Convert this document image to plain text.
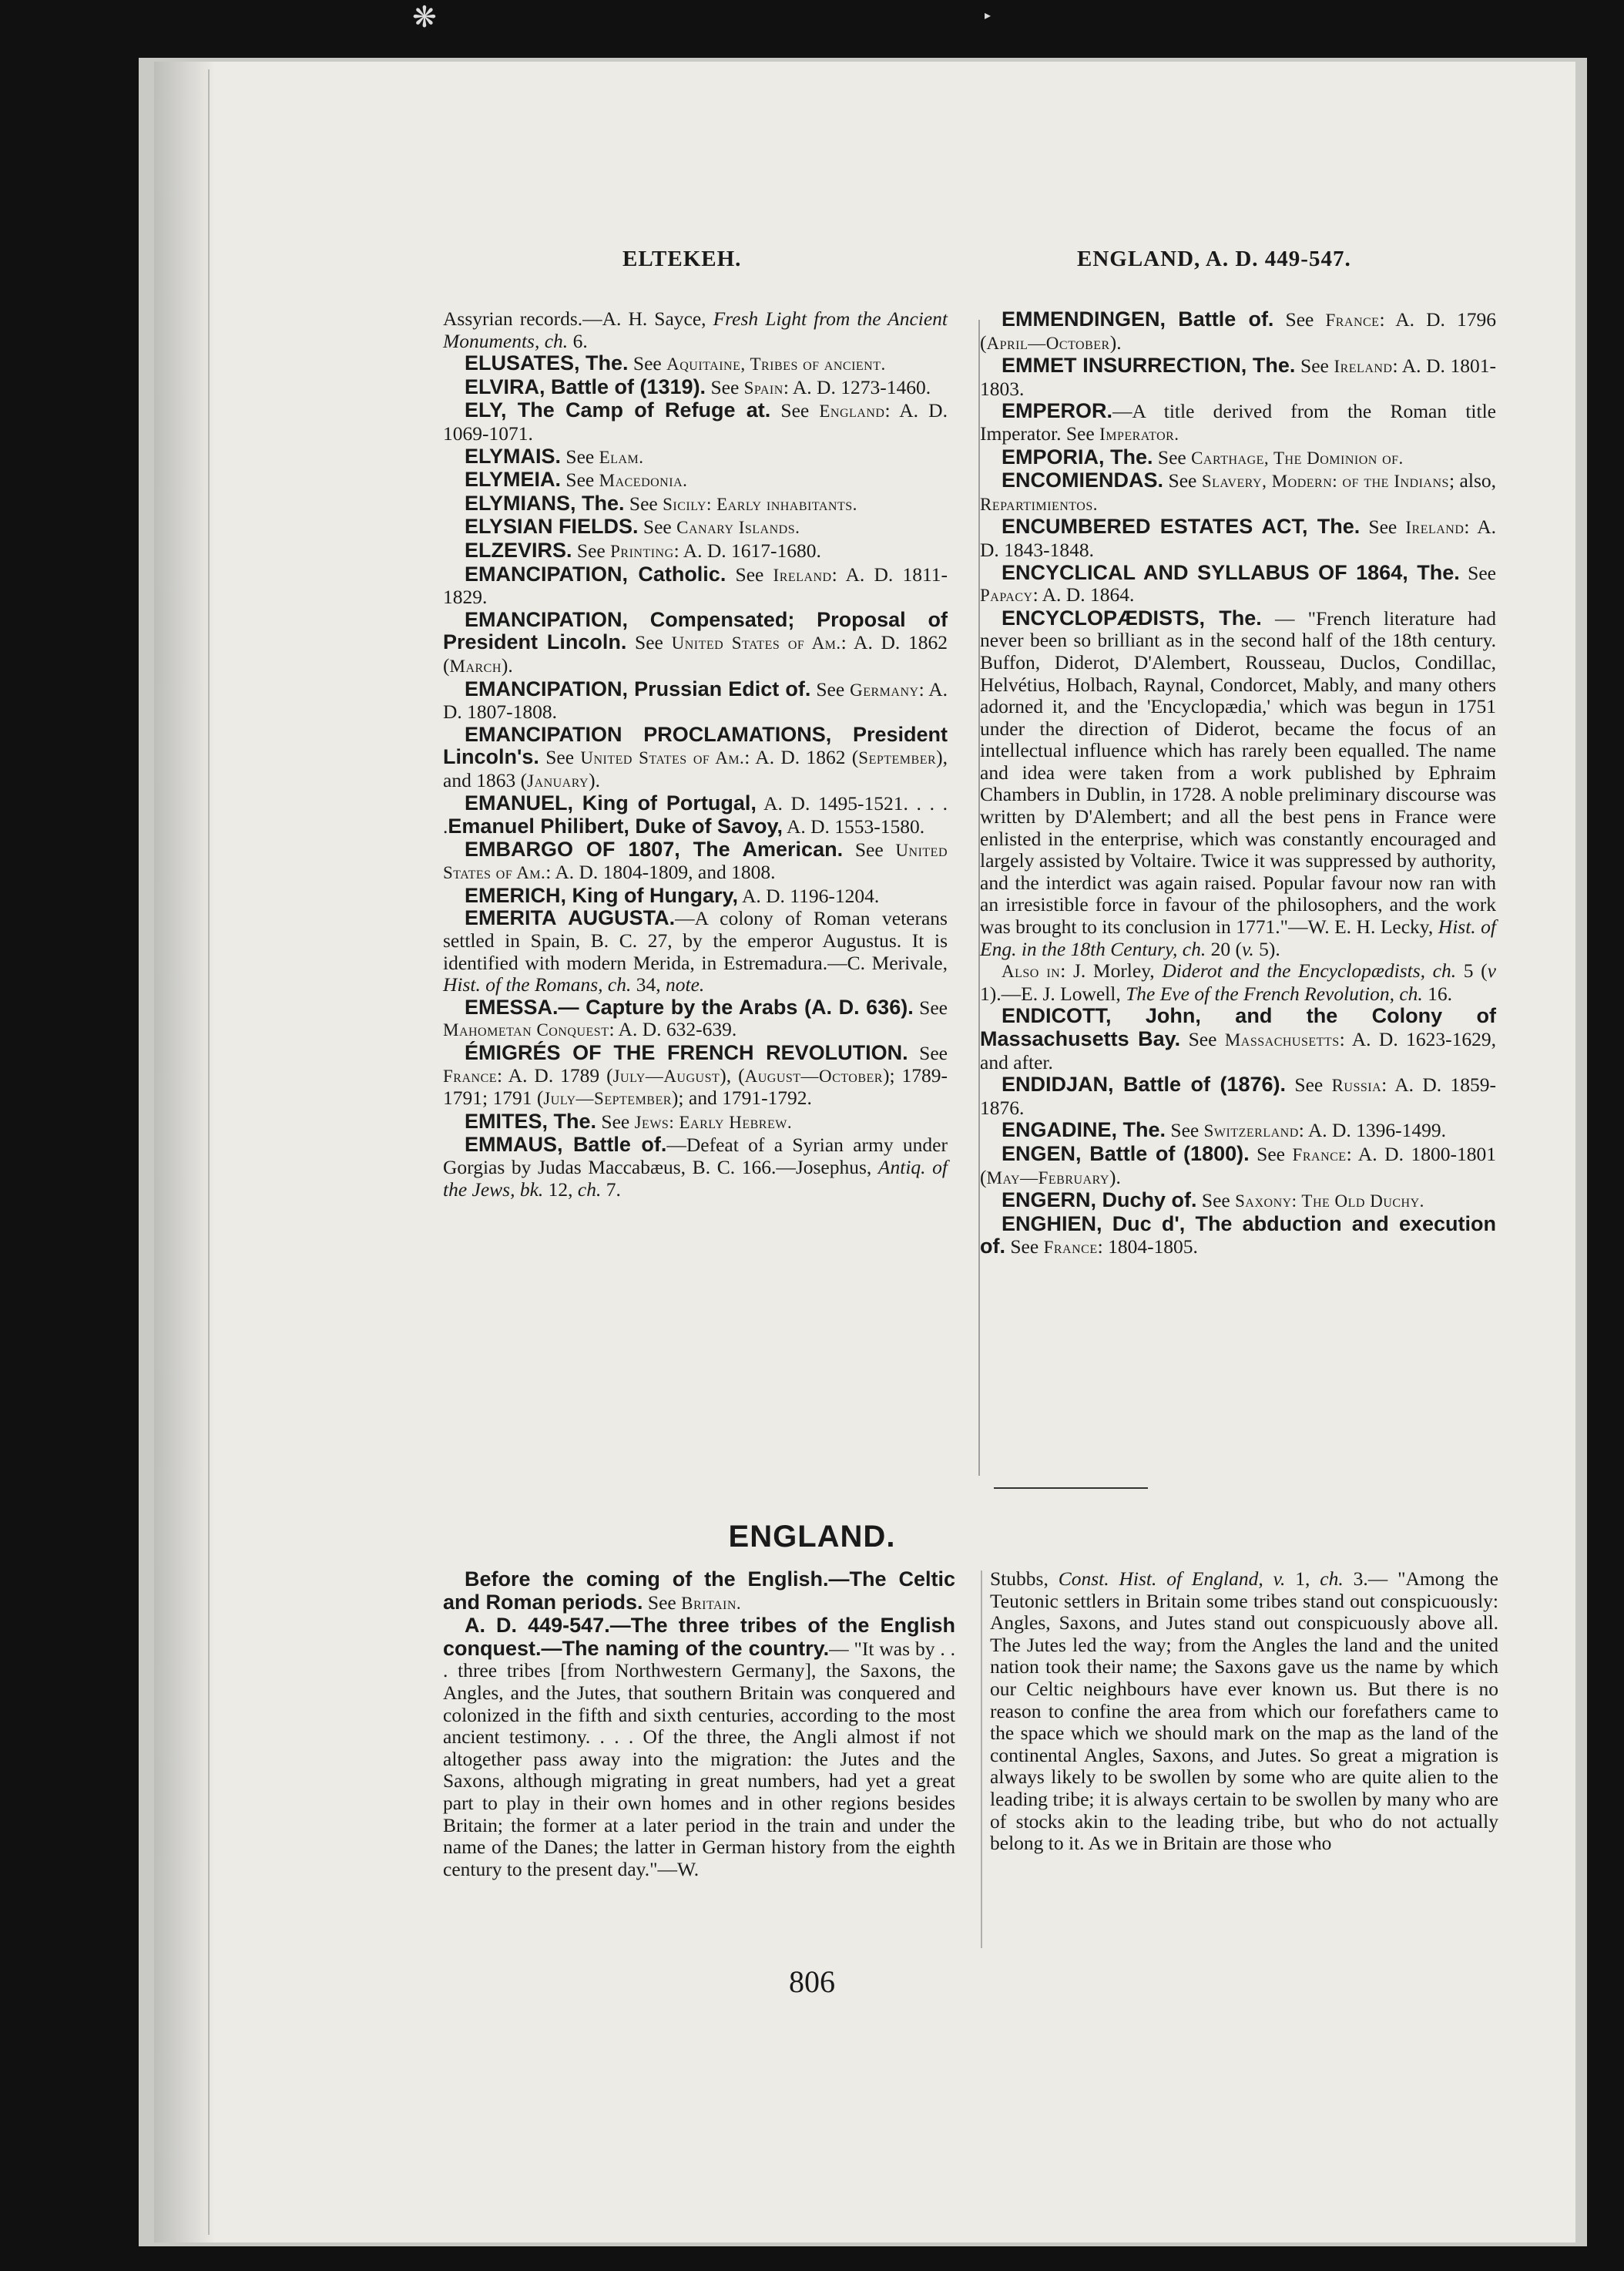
❋	▸
ELTEKEH.	ENGLAND, A. D. 449-547.

Assyrian records.—A. H. Sayce, Fresh Light from the Ancient Monuments, ch. 6.

ELUSATES, The. See Aquitaine, Tribes of ancient.

ELVIRA, Battle of (1319). See Spain: A. D. 1273-1460.

ELY, The Camp of Refuge at. See England: A. D. 1069-1071.

ELYMAIS. See Elam.

ELYMEIA. See Macedonia.

ELYMIANS, The. See Sicily: Early inhabitants.

ELYSIAN FIELDS. See Canary Islands.

ELZEVIRS. See Printing: A. D. 1617-1680.

EMANCIPATION, Catholic. See Ireland: A. D. 1811-1829.

EMANCIPATION, Compensated; Proposal of President Lincoln. See United States of Am.: A. D. 1862 (March).

EMANCIPATION, Prussian Edict of. See Germany: A. D. 1807-1808.

EMANCIPATION PROCLAMATIONS, President Lincoln's. See United States of Am.: A. D. 1862 (September), and 1863 (January).

EMANUEL, King of Portugal, A. D. 1495-1521. . . . .Emanuel Philibert, Duke of Savoy, A. D. 1553-1580.

EMBARGO OF 1807, The American. See United States of Am.: A. D. 1804-1809, and 1808.

EMERICH, King of Hungary, A. D. 1196-1204.

EMERITA AUGUSTA.—A colony of Roman veterans settled in Spain, B. C. 27, by the emperor Augustus. It is identified with modern Merida, in Estremadura.—C. Merivale, Hist. of the Romans, ch. 34, note.

EMESSA.— Capture by the Arabs (A. D. 636). See Mahometan Conquest: A. D. 632-639.

ÉMIGRÉS OF THE FRENCH REVOLUTION. See France: A. D. 1789 (July—August), (August—October); 1789-1791; 1791 (July—September); and 1791-1792.

EMITES, The. See Jews: Early Hebrew.

EMMAUS, Battle of.—Defeat of a Syrian army under Gorgias by Judas Maccabæus, B. C. 166.—Josephus, Antiq. of the Jews, bk. 12, ch. 7.

EMMENDINGEN, Battle of. See France: A. D. 1796 (April—October).

EMMET INSURRECTION, The. See Ireland: A. D. 1801-1803.

EMPEROR.—A title derived from the Roman title Imperator. See Imperator.

EMPORIA, The. See Carthage, The Dominion of.

ENCOMIENDAS. See Slavery, Modern: of the Indians; also, Repartimientos.

ENCUMBERED ESTATES ACT, The. See Ireland: A. D. 1843-1848.

ENCYCLICAL AND SYLLABUS OF 1864, The. See Papacy: A. D. 1864.

ENCYCLOPÆDISTS, The. — "French literature had never been so brilliant as in the second half of the 18th century. Buffon, Diderot, D'Alembert, Rousseau, Duclos, Condillac, Helvétius, Holbach, Raynal, Condorcet, Mably, and many others adorned it, and the 'Encyclopædia,' which was begun in 1751 under the direction of Diderot, became the focus of an intellectual influence which has rarely been equalled. The name and idea were taken from a work published by Ephraim Chambers in Dublin, in 1728. A noble preliminary discourse was written by D'Alembert; and all the best pens in France were enlisted in the enterprise, which was constantly encouraged and largely assisted by Voltaire. Twice it was suppressed by authority, and the interdict was again raised. Popular favour now ran with an irresistible force in favour of the philosophers, and the work was brought to its conclusion in 1771."—W. E. H. Lecky, Hist. of Eng. in the 18th Century, ch. 20 (v. 5).

Also in: J. Morley, Diderot and the Encyclopædists, ch. 5 (v 1).—E. J. Lowell, The Eve of the French Revolution, ch. 16.

ENDICOTT, John, and the Colony of Massachusetts Bay. See Massachusetts: A. D. 1623-1629, and after.

ENDIDJAN, Battle of (1876). See Russia: A. D. 1859-1876.

ENGADINE, The. See Switzerland: A. D. 1396-1499.

ENGEN, Battle of (1800). See France: A. D. 1800-1801 (May—February).

ENGERN, Duchy of. See Saxony: The Old Duchy.

ENGHIEN, Duc d', The abduction and execution of. See France: 1804-1805.

ENGLAND.

Before the coming of the English.—The Celtic and Roman periods. See Britain.

A. D. 449-547.—The three tribes of the English conquest.—The naming of the country.— "It was by . . . three tribes [from Northwestern Germany], the Saxons, the Angles, and the Jutes, that southern Britain was conquered and colonized in the fifth and sixth centuries, according to the most ancient testimony. . . . Of the three, the Angli almost if not altogether pass away into the migration: the Jutes and the Saxons, although migrating in great numbers, had yet a great part to play in their own homes and in other regions besides Britain; the former at a later period in the train and under the name of the Danes; the latter in German history from the eighth century to the present day."—W.

Stubbs, Const. Hist. of England, v. 1, ch. 3.— "Among the Teutonic settlers in Britain some tribes stand out conspicuously: Angles, Saxons, and Jutes stand out conspicuously above all. The Jutes led the way; from the Angles the land and the united nation took their name; the Saxons gave us the name by which our Celtic neighbours have ever known us. But there is no reason to confine the area from which our forefathers came to the space which we should mark on the map as the land of the continental Angles, Saxons, and Jutes. So great a migration is always likely to be swollen by some who are quite alien to the leading tribe; it is always certain to be swollen by many who are of stocks akin to the leading tribe, but who do not actually belong to it. As we in Britain are those who

806
